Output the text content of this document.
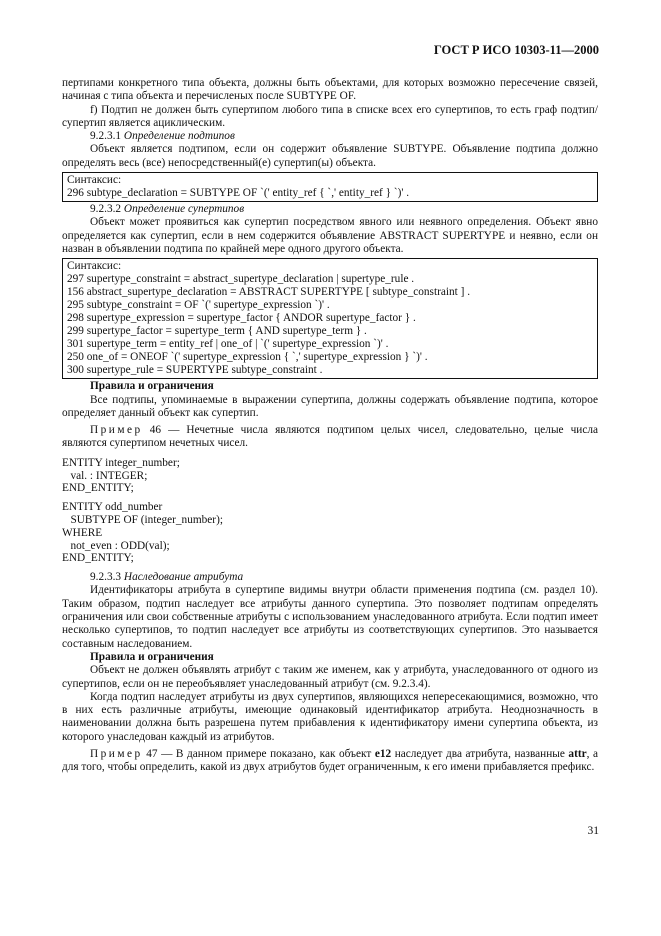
ГОСТ Р ИСО 10303-11—2000

пертипами конкретного типа объекта, должны быть объектами, для которых возможно пересечение связей, начиная с типа объекта и перечисленых после SUBTYPE OF.

f) Подтип не должен быть супертипом любого типа в списке всех его супертипов, то есть граф подтип/супертип является ациклическим.

9.2.3.1 Определение подтипов

Объект является подтипом, если он содержит объявление SUBTYPE. Объявление подтипа должно определять весь (все) непосредственный(е) супертип(ы) объекта.

Синтаксис:
296 subtype_declaration = SUBTYPE OF `(' entity_ref { `,' entity_ref } `)' .

9.2.3.2 Определение супертипов

Объект может проявиться как супертип посредством явного или неявного определения. Объект явно определяется как супертип, если в нем содержится объявление ABSTRACT SUPERTYPE и неявно, если он назван в объявлении подтипа по крайней мере одного другого объекта.

Синтаксис:
297 supertype_constraint = abstract_supertype_declaration | supertype_rule .
156 abstract_supertype_declaration = ABSTRACT SUPERTYPE [ subtype_constraint ] .
295 subtype_constraint = OF `(' supertype_expression `)' .
298 supertype_expression = supertype_factor { ANDOR supertype_factor } .
299 supertype_factor = supertype_term { AND supertype_term } .
301 supertype_term = entity_ref | one_of | `(' supertype_expression `)' .
250 one_of = ONEOF `(' supertype_expression { `,' supertype_expression } `)' .
300 supertype_rule = SUPERTYPE subtype_constraint .

Правила и ограничения

Все подтипы, упоминаемые в выражении супертипа, должны содержать объявление подтипа, которое определяет данный объект как супертип.

Пример 46 — Нечетные числа являются подтипом целых чисел, следовательно, целые числа являются супертипом нечетных чисел.

ENTITY integer_number;
val. : INTEGER;
END_ENTITY;
ENTITY odd_number
SUBTYPE OF (integer_number);
WHERE
not_even : ODD(val);
END_ENTITY;

9.2.3.3 Наследование атрибута

Идентификаторы атрибута в супертипе видимы внутри области применения подтипа (см. раздел 10). Таким образом, подтип наследует все атрибуты данного супертипа. Это позволяет подтипам определять ограничения или свои собственные атрибуты с использованием унаследованного атрибута. Если подтип имеет несколько супертипов, то подтип наследует все атрибуты из соответствующих супертипов. Это называется составным наследованием.

Правила и ограничения

Объект не должен объявлять атрибут с таким же именем, как у атрибута, унаследованного от одного из супертипов, если он не переобъявляет унаследованный атрибут (см. 9.2.3.4).

Когда подтип наследует атрибуты из двух супертипов, являющихся непересекающимися, возможно, что в них есть различные атрибуты, имеющие одинаковый идентификатор атрибута. Неоднозначность в наименовании должна быть разрешена путем прибавления к идентификатору имени супертипа объекта, из которого унаследован каждый из атрибутов.

Пример 47 — В данном примере показано, как объект e12 наследует два атрибута, названные attr, а для того, чтобы определить, какой из двух атрибутов будет ограниченным, к его имени прибавляется префикс.

31
